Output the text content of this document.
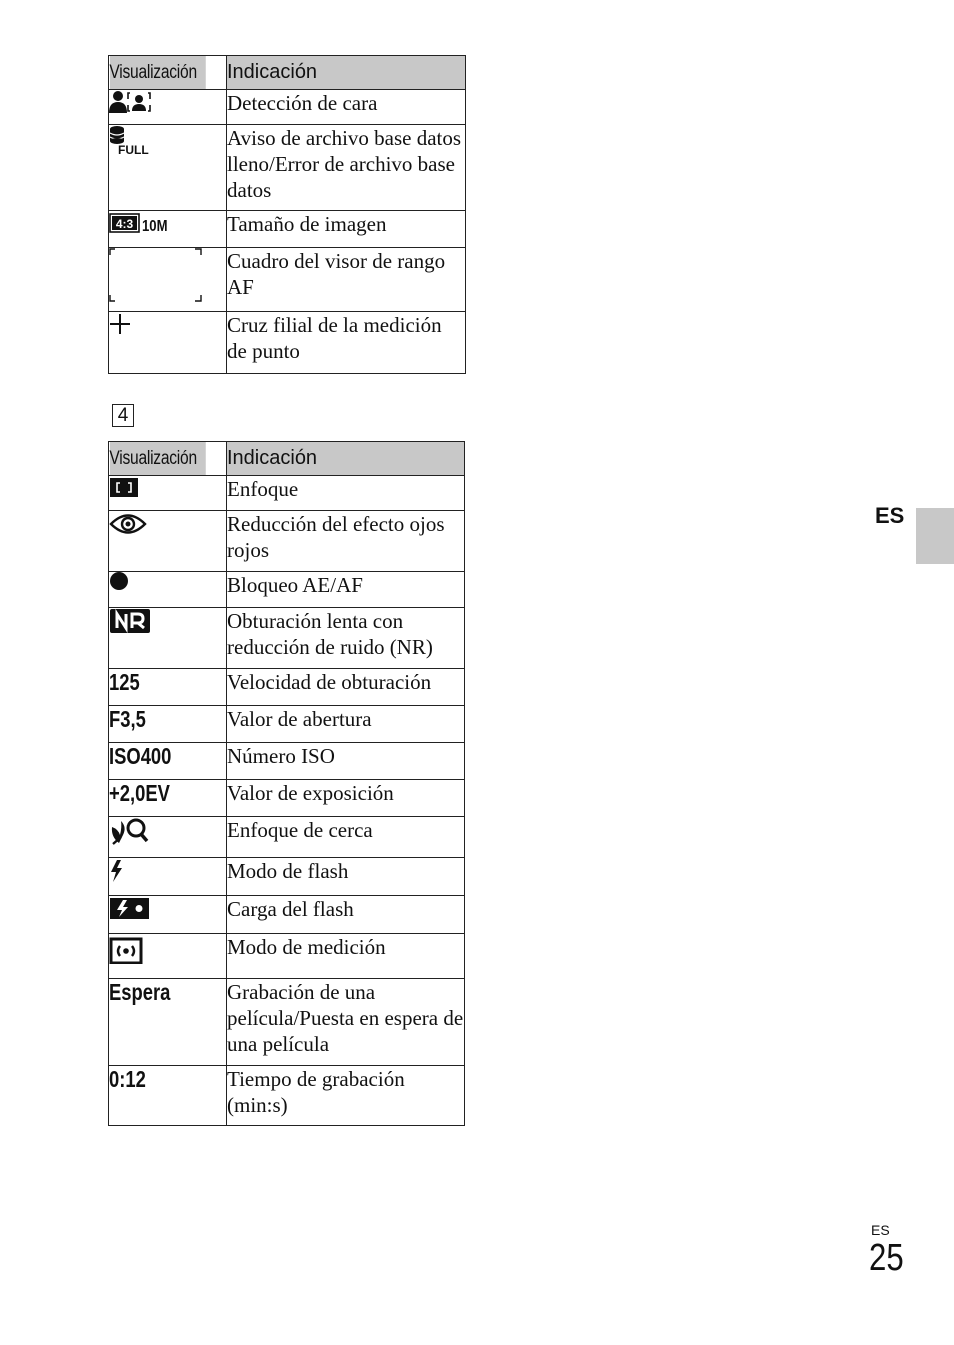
Visualización	Indicación

	Detección de cara

FULL	Aviso de archivo base datos lleno/Error de archivo base datos

4:3 10M	Tamaño de imagen

	Cuadro del visor de rango AF

	Cruz filial de la medición de punto
4
Visualización	Indicación

	Enfoque

	Reducción del efecto ojos rojos

	Bloqueo AE/AF

	Obturación lenta con reducción de ruido (NR)
125	Velocidad de obturación
F3,5	Valor de abertura
ISO400	Número ISO
+2,0EV	Valor de exposición

	Enfoque de cerca

	Modo de flash

	Carga del flash

	Modo de medición
Espera	Grabación de una película/Puesta en espera de una película
0:12	Tiempo de grabación (min:s)
ES
ES
25
